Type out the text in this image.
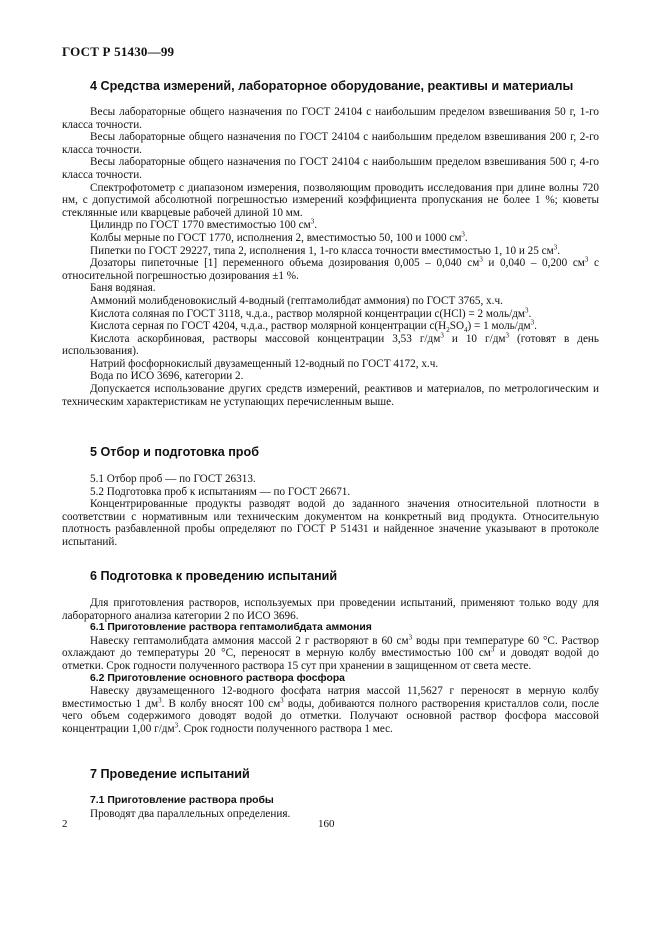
ГОСТ Р 51430—99
4 Средства измерений, лабораторное оборудование, реактивы и материалы

Весы лабораторные общего назначения по ГОСТ 24104 с наибольшим пределом взвешивания 50 г, 1-го класса точности.

Весы лабораторные общего назначения по ГОСТ 24104 с наибольшим пределом взвешивания 200 г, 2-го класса точности.

Весы лабораторные общего назначения по ГОСТ 24104 с наибольшим пределом взвешивания 500 г, 4-го класса точности.

Спектрофотометр с диапазоном измерения, позволяющим проводить исследования при длине волны 720 нм, с допустимой абсолютной погрешностью измерений коэффициента пропускания не более 1 %; кюветы стеклянные или кварцевые рабочей длиной 10 мм.

Цилиндр по ГОСТ 1770 вместимостью 100 $см^3$.

Колбы мерные по ГОСТ 1770, исполнения 2, вместимостью 50, 100 и 1000 $см^3$.

Пипетки по ГОСТ 29227, типа 2, исполнения 1, 1-го класса точности вместимостью 1, 10 и 25 $см^3$.

Дозаторы пипеточные [1] переменного объема дозирования 0,005 – 0,040 $см^3$ и 0,040 – 0,200 $см^3$ с относительной погрешностью дозирования ±1 %.

Баня водяная.

Аммоний молибденовокислый 4-водный (гептамолибдат аммония) по ГОСТ 3765, х.ч.

Кислота соляная по ГОСТ 3118, ч.д.а., раствор молярной концентрации c(HCl) = 2 моль/$дм^3$.

Кислота серная по ГОСТ 4204, ч.д.а., раствор молярной концентрации $c(H_2SO_4) = 1$ моль/$дм^3$.

Кислота аскорбиновая, растворы массовой концентрации 3,53 $г/дм^3$ и 10 $г/дм^3$ (готовят в день использования).

Натрий фосфорнокислый двузамещенный 12-водный по ГОСТ 4172, х.ч.

Вода по ИСО 3696, категории 2.

Допускается использование других средств измерений, реактивов и материалов, по метрологическим и техническим характеристикам не уступающих перечисленным выше.

5 Отбор и подготовка проб

5.1 Отбор проб — по ГОСТ 26313.

5.2 Подготовка проб к испытаниям — по ГОСТ 26671.

Концентрированные продукты разводят водой до заданного значения относительной плотности в соответствии с нормативным или техническим документом на конкретный вид продукта. Относительную плотность разбавленной пробы определяют по ГОСТ Р 51431 и найденное значение указывают в протоколе испытаний.

6 Подготовка к проведению испытаний

Для приготовления растворов, используемых при проведении испытаний, применяют только воду для лабораторного анализа категории 2 по ИСО 3696.

6.1 Приготовление раствора гептамолибдата аммония

Навеску гептамолибдата аммония массой 2 г растворяют в 60 $см^3$ воды при температуре 60 °С. Раствор охлаждают до температуры 20 °С, переносят в мерную колбу вместимостью 100 $см^3$ и доводят водой до отметки. Срок годности полученного раствора 15 сут при хранении в защищенном от света месте.

6.2 Приготовление основного раствора фосфора

Навеску двузамещенного 12-водного фосфата натрия массой 11,5627 г переносят в мерную колбу вместимостью 1 $дм^3$. В колбу вносят 100 $см^3$ воды, добиваются полного растворения кристаллов соли, после чего объем содержимого доводят водой до отметки. Получают основной раствор фосфора массовой концентрации 1,00 $г/дм^3$. Срок годности полученного раствора 1 мес.

7 Проведение испытаний
7.1 Приготовление раствора пробы

Проводят два параллельных определения.

2	160
